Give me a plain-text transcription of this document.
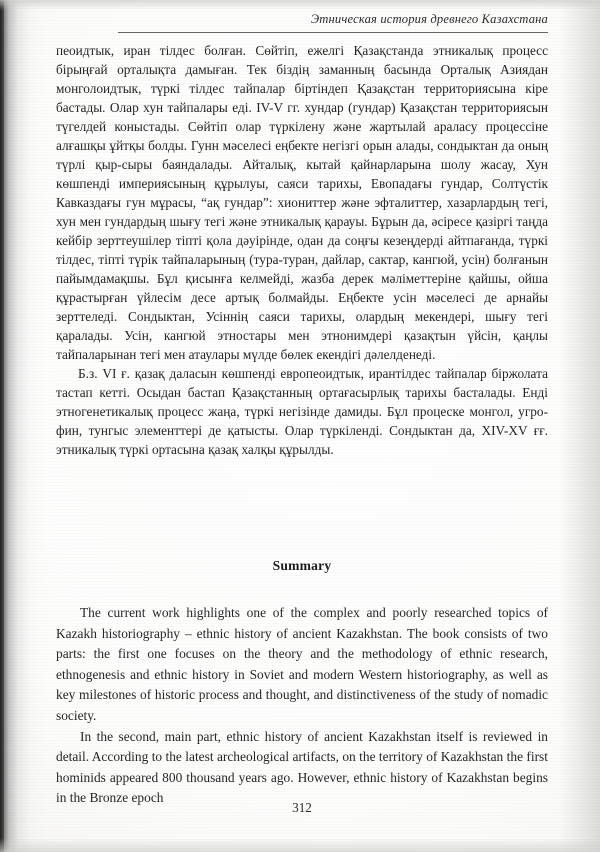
Этническая история древнего Казахстана

пеоидтык, иран тілдес болған. Сөйтіп, ежелгі Қазақстанда этникалық процесс бірыңғай орталықта дамыған. Тек біздің заманның басында Орталық Азиядан монголоидтык, түркі тілдес тайпалар біртіндеп Қазақстан территориясына кіре бастады. Олар хун тайпалары еді. IV-V гг. хундар (гундар) Қазақстан территориясын түгелдей коныстады. Сөйтіп олар түркілену және жартылай араласу процессіне алғашқы ұйтқы болды. Гунн мәселесі еңбекте негізгі орын алады, сондыктан да оның түрлі қыр-сыры баяндалады. Айталық, кытай қайнарларына шолу жасау, Хун көшпенді империясының құрылуы, саяси тарихы, Евопадағы гундар, Солтүстік Кавказдағы гун мұрасы, “ақ гундар”: хиониттер және эфталиттер, хазарлардың тегі, хун мен гундардың шығу тегі және этникалық қарауы. Бұрын да, әсіресе қазіргі таңда кейбір зерттеушілер тіпті қола дәуірінде, одан да соңғы кезеңдерді айтпағанда, түркі тілдес, тіпті түрік тайпаларының (тура-туран, дайлар, сактар, кангюй, усін) болғанын пайымдамақшы. Бұл қисынға келмейді, жазба дерек мәліметтеріне қайшы, ойша құрастырған үйлесім десе артық болмайды. Еңбекте усін мәселесі де арнайы зерттеледі. Сондыктан, Усіннің саяси тарихы, олардың мекендері, шығу тегі қаралады. Усін, кангюй этностары мен этнонимдері қазақтын үйсін, қаңлы тайпаларынан тегі мен атаулары мүлде бөлек екендігі дәлелденеді.

Б.з. VI ғ. қазақ даласын көшпенді европеоидтык, ирантілдес тайпалар біржолата тастап кетті. Осыдан бастап Қазақстанның ортағасырлық тарихы басталады. Енді этногенетикалық процесс жаңа, түркі негізінде дамиды. Бұл процеске монгол, угро-фин, тунгыс элементтері де қатысты. Олар түркіленді. Сондыктан да, XIV-XV ғғ. этникалық түркі ортасына қазақ халқы құрылды.

Summary

The current work highlights one of the complex and poorly researched topics of Kazakh historiography – ethnic history of ancient Kazakhstan. The book consists of two parts: the first one focuses on the theory and the methodology of ethnic research, ethnogenesis and ethnic history in Soviet and modern Western historiography, as well as key milestones of historic process and thought, and distinctiveness of the study of nomadic society.

In the second, main part, ethnic history of ancient Kazakhstan itself is reviewed in detail. According to the latest archeological artifacts, on the territory of Kazakhstan the first hominids appeared 800 thousand years ago. However, ethnic history of Kazakhstan begins in the Bronze epoch

312
